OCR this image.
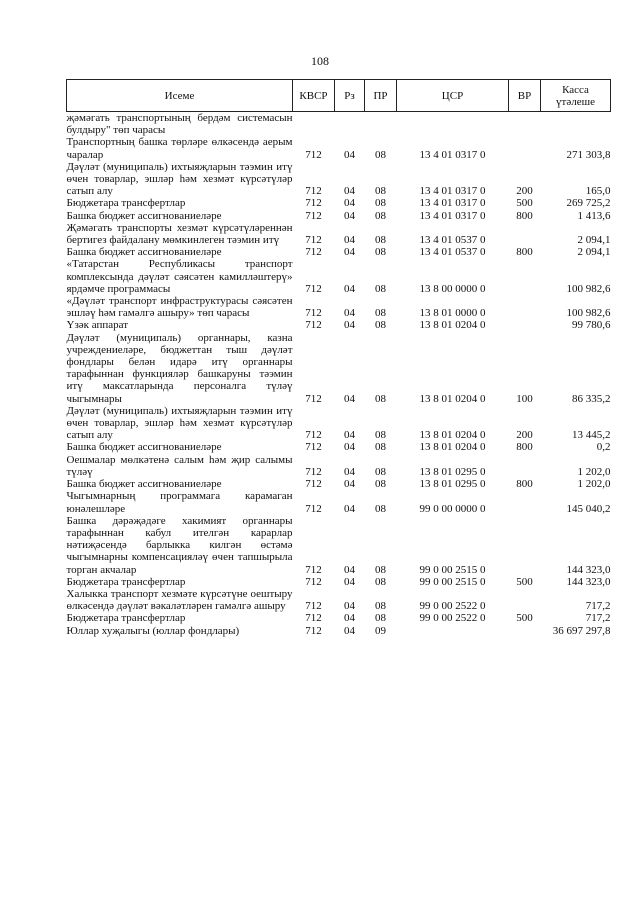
108
Исеме	КВСР	Рз	ПР	ЦСР	ВР	Касса
үтәлеше
җәмәгать транспортының бердәм системасын булдыру" төп чарасы						
Транспортның башка төрләре өлкәсендә аерым чаралар	712	04	08	13 4 01 0317 0		271 303,8
Дәүләт (муниципаль) ихтыяҗларын тәэмин итү өчен товарлар, эшләр һәм хезмәт күрсәтүләр сатып алу	712	04	08	13 4 01 0317 0	200	165,0
Бюджетара трансфертлар	712	04	08	13 4 01 0317 0	500	269 725,2
Башка бюджет ассигнованиеләре	712	04	08	13 4 01 0317 0	800	1 413,6
Җәмәгать транспорты хезмәт күрсәтүләреннән бертигез файдалану мөмкинлеген тәэмин итү	712	04	08	13 4 01 0537 0		2 094,1
Башка бюджет ассигнованиеләре	712	04	08	13 4 01 0537 0	800	2 094,1
«Татарстан Республикасы транспорт комплексында дәүләт сәясәтен камилләштерү» ярдәмче программасы	712	04	08	13 8 00 0000 0		100 982,6
«Дәүләт транспорт инфраструктурасы сәясәтен эшләү һәм гамәлгә ашыру» төп чарасы	712	04	08	13 8 01 0000 0		100 982,6
Үзәк аппарат	712	04	08	13 8 01 0204 0		99 780,6
Дәүләт (муниципаль) органнары, казна учреждениеләре, бюджеттан тыш дәүләт фондлары белән идарә итү органнары тарафыннан функцияләр башкаруны тәэмин итү максатларында персоналга түләү чыгымнары	712	04	08	13 8 01 0204 0	100	86 335,2
Дәүләт (муниципаль) ихтыяҗларын тәэмин итү өчен товарлар, эшләр һәм хезмәт күрсәтүләр сатып алу	712	04	08	13 8 01 0204 0	200	13 445,2
Башка бюджет ассигнованиеләре	712	04	08	13 8 01 0204 0	800	0,2
Оешмалар мөлкәтенә салым һәм җир салымы түләү	712	04	08	13 8 01 0295 0		1 202,0
Башка бюджет ассигнованиеләре	712	04	08	13 8 01 0295 0	800	1 202,0
Чыгымнарның программага карамаган юнәлешләре	712	04	08	99 0 00 0000 0		145 040,2
Башка дәрәҗәдәге хакимият органнары тарафыннан кабул ителгән карарлар нәтиҗәсендә барлыкка килгән өстәмә чыгымнарны компенсацияләү өчен тапшырыла торган акчалар	712	04	08	99 0 00 2515 0		144 323,0
Бюджетара трансфертлар	712	04	08	99 0 00 2515 0	500	144 323,0
Халыкка транспорт хезмәте күрсәтүне оештыру өлкәсендә дәүләт вәкаләтләрен гамәлгә ашыру	712	04	08	99 0 00 2522 0		717,2
Бюджетара трансфертлар	712	04	08	99 0 00 2522 0	500	717,2
Юллар хуҗалыгы (юллар фондлары)	712	04	09			36 697 297,8
